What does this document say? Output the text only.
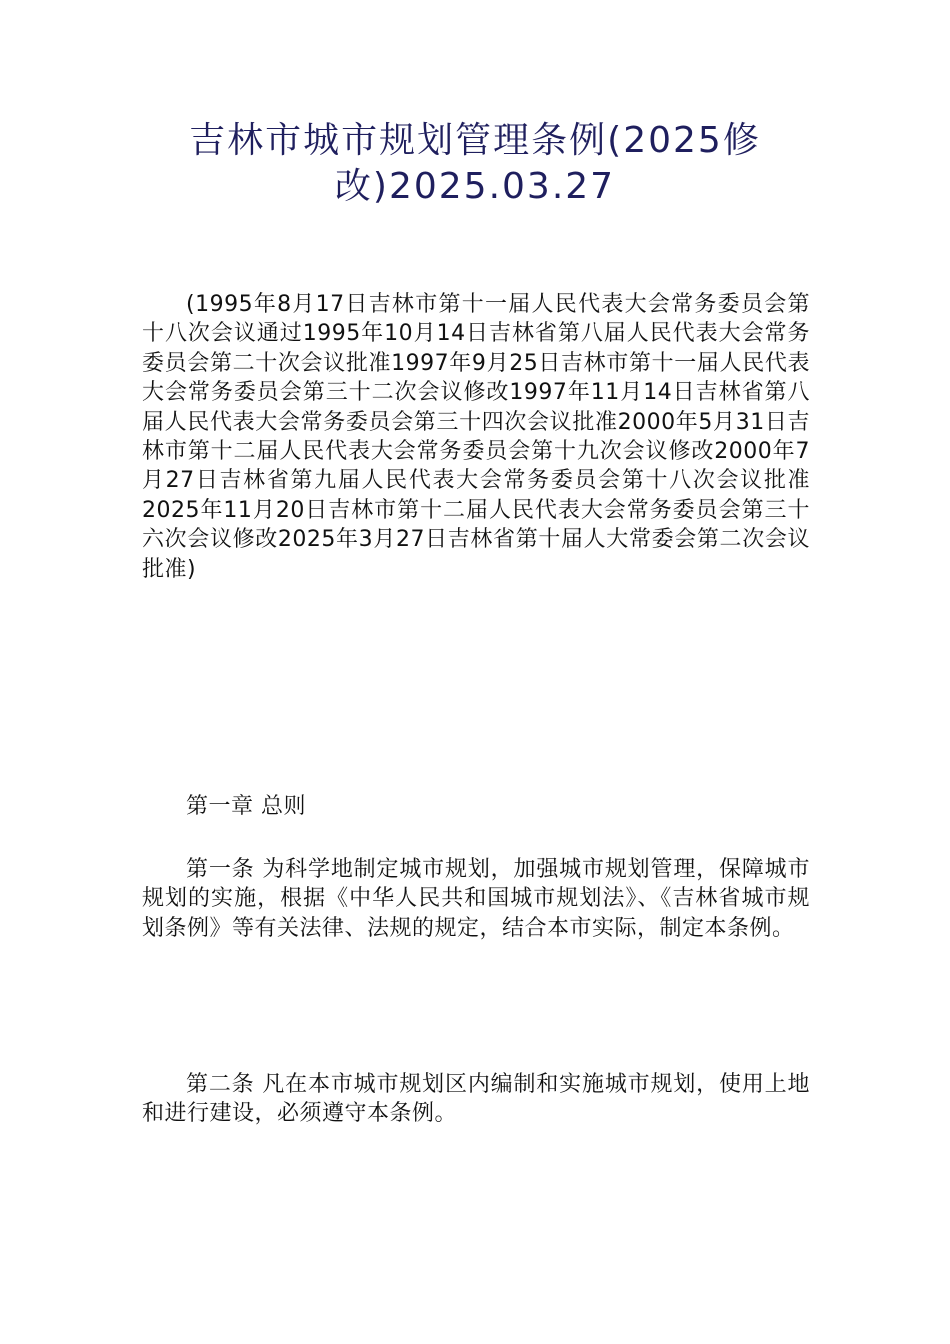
吉林市城市规划管理条例(2025修改)2025.03.27
(1995年8月17日吉林市第十一届人民代表大会常务委员会第十八次会议通过1995年10月14日吉林省第八届人民代表大会常务委员会第二十次会议批准1997年9月25日吉林市第十一届人民代表大会常务委员会第三十二次会议修改1997年11月14日吉林省第八届人民代表大会常务委员会第三十四次会议批准2000年5月31日吉林市第十二届人民代表大会常务委员会第十九次会议修改2000年7月27日吉林省第九届人民代表大会常务委员会第十八次会议批准2025年11月20日吉林市第十二届人民代表大会常务委员会第三十六次会议修改2025年3月27日吉林省第十届人大常委会第二次会议批准)
第一章 总则
第一条 为科学地制定城市规划，加强城市规划管理，保障城市规划的实施，根据《中华人民共和国城市规划法》、《吉林省城市规划条例》等有关法律、法规的规定，结合本市实际，制定本条例。
第二条 凡在本市城市规划区内编制和实施城市规划，使用上地和进行建设，必须遵守本条例。
